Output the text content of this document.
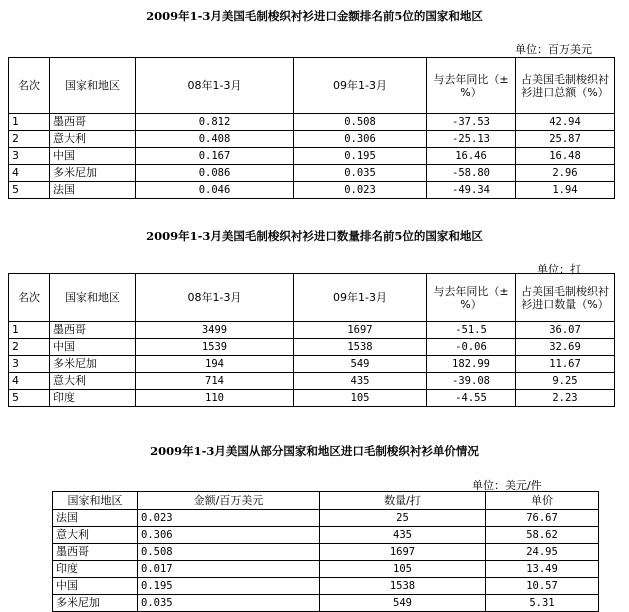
2009年1-3月美国毛制梭织衬衫进口金额排名前5位的国家和地区
单位：百万美元
名次	国家和地区	08年1-3月	09年1-3月	与去年同比（±%）	占美国毛制梭织衬衫进口总额（%）
1	墨西哥	0.812	0.508	-37.53	42.94
2	意大利	0.408	0.306	-25.13	25.87
3	中国	0.167	0.195	16.46	16.48
4	多米尼加	0.086	0.035	-58.80	2.96
5	法国	0.046	0.023	-49.34	1.94
2009年1-3月美国毛制梭织衬衫进口数量排名前5位的国家和地区
单位：打
名次	国家和地区	08年1-3月	09年1-3月	与去年同比（±%）	占美国毛制梭织衬衫进口数量（%）
1	墨西哥	3499	1697	-51.5	36.07
2	中国	1539	1538	-0.06	32.69
3	多米尼加	194	549	182.99	11.67
4	意大利	714	435	-39.08	9.25
5	印度	110	105	-4.55	2.23
2009年1-3月美国从部分国家和地区进口毛制梭织衬衫单价情况
单位：美元/件
国家和地区	金额/百万美元	数量/打	单价
法国	0.023	25	76.67
意大利	0.306	435	58.62
墨西哥	0.508	1697	24.95
印度	0.017	105	13.49
中国	0.195	1538	10.57
多米尼加	0.035	549	5.31
